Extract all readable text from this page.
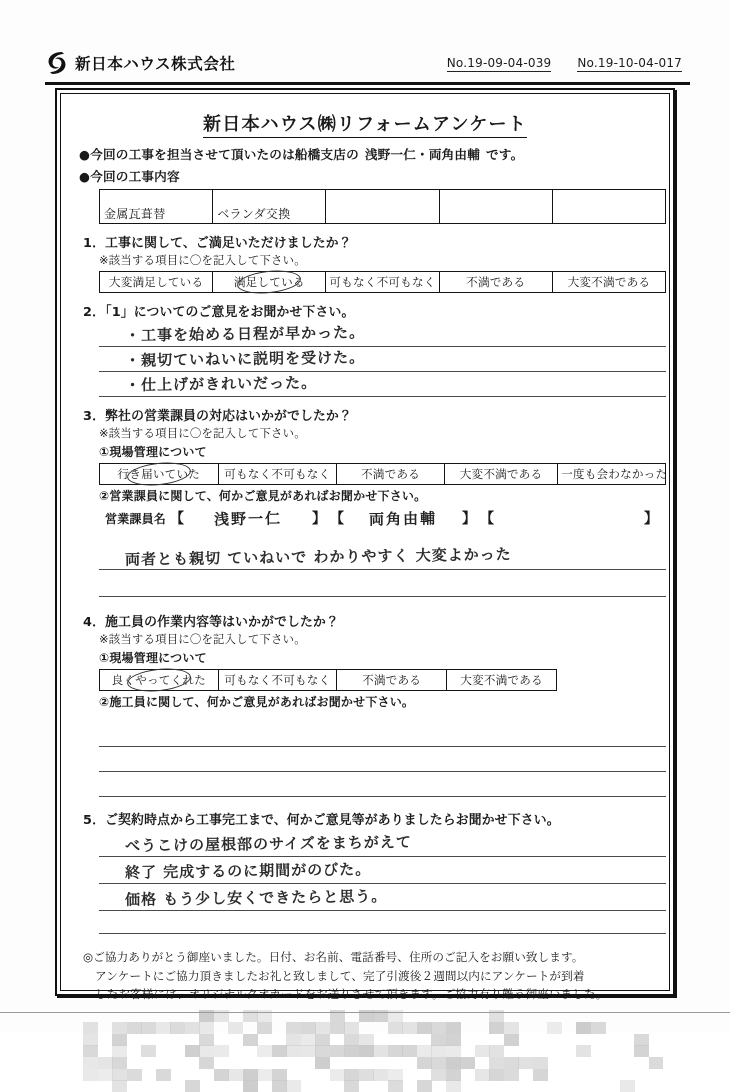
新日本ハウス株式会社	No.19-09-04-039 No.19-10-04-017
新日本ハウス㈱リフォームアンケート
●今回の工事を担当させて頂いたのは船橋支店の 浅野一仁・両角由輔 です。
●今回の工事内容
金属瓦葺替	ベランダ交換			
1．工事に関して、ご満足いただけましたか？
※該当する項目に〇を記入して下さい。
大変満足している	満足している	可もなく不可もなく	不満である	大変不満である
2．「1」についてのご意見をお聞かせ下さい。
・工事を始める日程が早かった。
・親切ていねいに説明を受けた。
・仕上げがきれいだった。
3．弊社の営業課員の対応はいかがでしたか？
※該当する項目に〇を記入して下さい。
①現場管理について
行き届いていた	可もなく不可もなく	不満である	大変不満である	一度も会わなかった
②営業課員に関して、何かご意見があればお聞かせ下さい。
営業課員名 【	浅野一仁	】 【	両角由輔	】 【	】
両者とも親切 ていねいで わかりやすく 大変よかった
4．施工員の作業内容等はいかがでしたか？
※該当する項目に〇を記入して下さい。
①現場管理について
良くやってくれた	可もなく不可もなく	不満である	大変不満である
②施工員に関して、何かご意見があればお聞かせ下さい。
5．ご契約時点から工事完工まで、何かご意見等がありましたらお聞かせ下さい。
べうこけの屋根部のサイズをまちがえて
終了 完成するのに期間がのびた。
価格 もう少し安くできたらと思う。
◎ご協力ありがとう御座いました。日付、お名前、電話番号、住所のご記入をお願い致します。
アンケートにご協力頂きましたお礼と致しまして、完了引渡後２週間以内にアンケートが到着
したお客様には、オリジナルクオカードをお送りさせて頂きます。ご協力有り難う御座いました。
